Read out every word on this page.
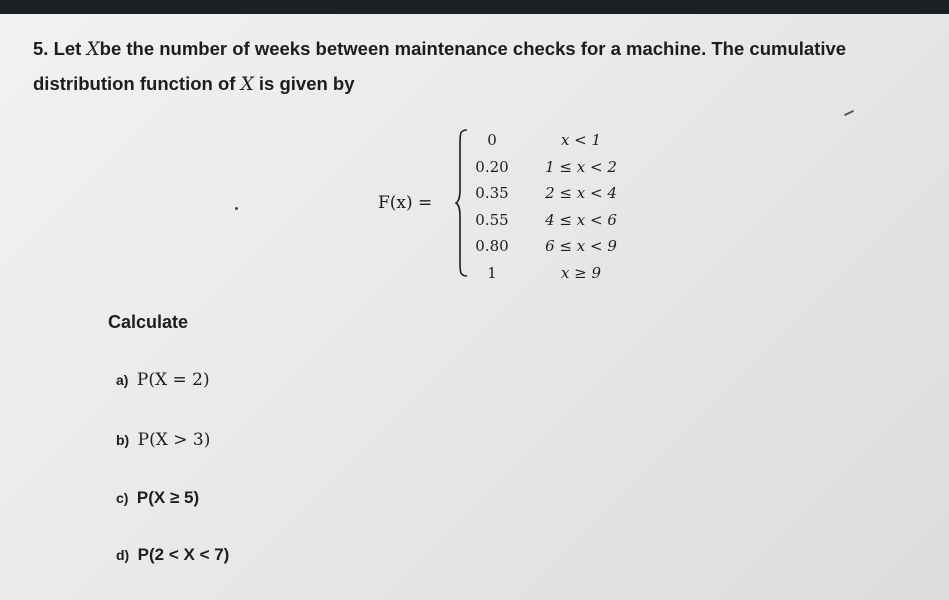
5. Let Xbe the number of weeks between maintenance checks for a machine. The cumulative
distribution function of X is given by
F(x) =
0
0.20
0.35
0.55
0.80
1
x < 1
1 ≤ x < 2
2 ≤ x < 4
4 ≤ x < 6
6 ≤ x < 9
x ≥ 9
Calculate
a) P(X = 2)
b) P(X > 3)
c) P(X ≥ 5)
d) P(2 < X < 7)
